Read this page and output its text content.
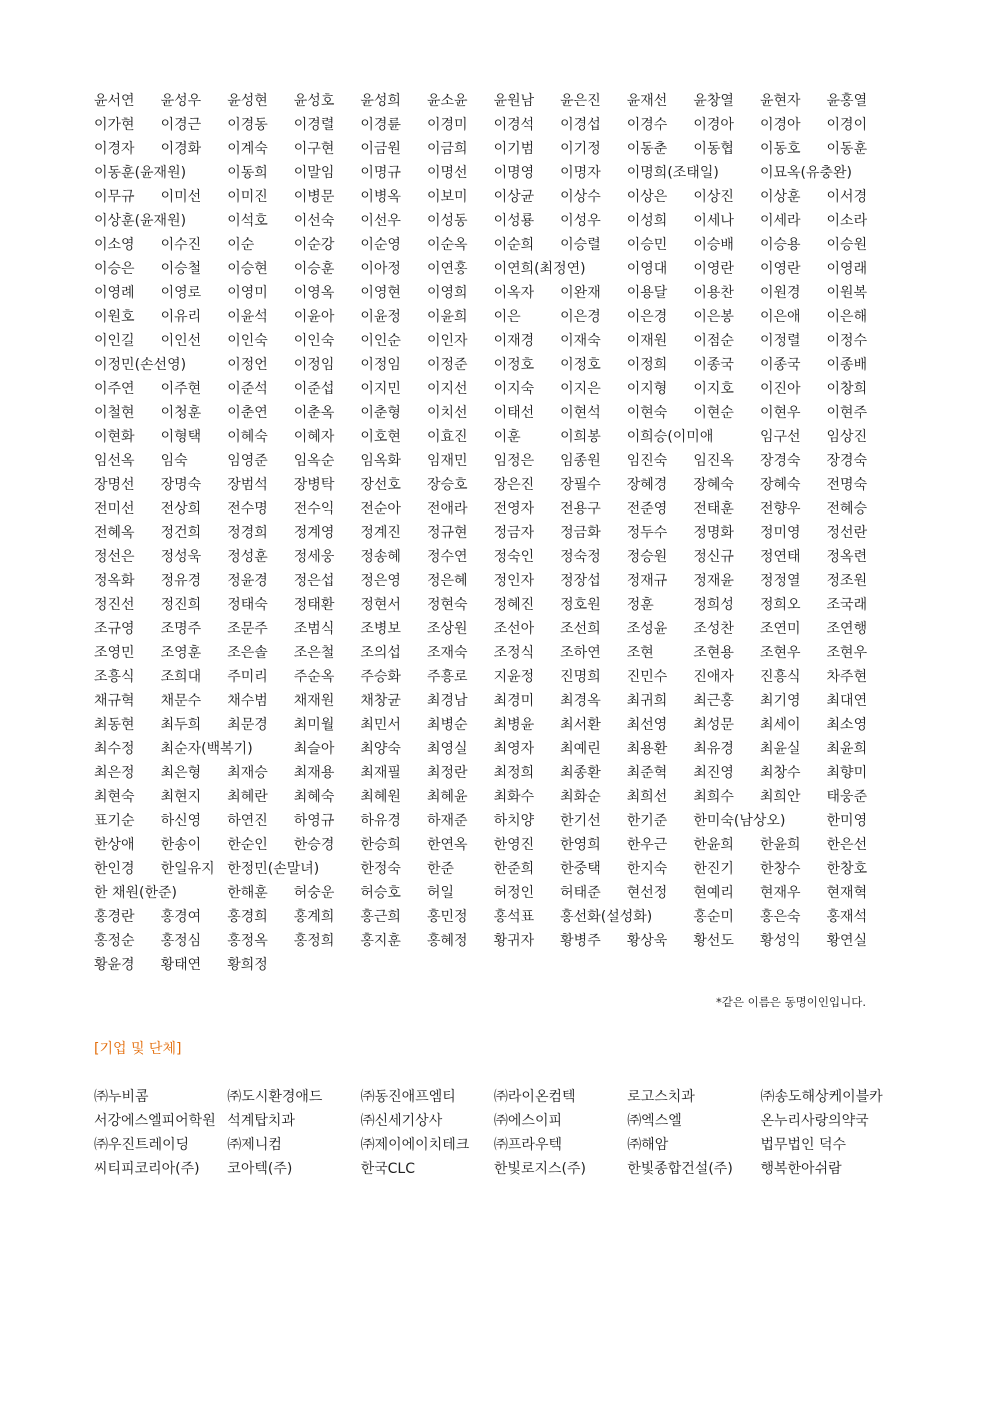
윤서연	윤성우	윤성현	윤성호	윤성희	윤소윤	윤원남	윤은진	윤재선	윤창열	윤현자	윤홍열
이가현	이경근	이경동	이경렬	이경륜	이경미	이경석	이경섭	이경수	이경아	이경아	이경이
이경자	이경화	이계숙	이구현	이금원	이금희	이기범	이기정	이동춘	이동협	이동호	이동훈
이동훈(윤재원)	이동희	이말임	이명규	이명선	이명영	이명자	이명희(조태일)	이묘옥(유충완)
이무규	이미선	이미진	이병문	이병옥	이보미	이상균	이상수	이상은	이상진	이상훈	이서경
이상훈(윤재원)	이석호	이선숙	이선우	이성동	이성룡	이성우	이성희	이세나	이세라	이소라
이소영	이수진	이순	이순강	이순영	이순옥	이순희	이승렬	이승민	이승배	이승용	이승원
이승은	이승철	이승현	이승훈	이아정	이연홍	이연희(최정연)	이영대	이영란	이영란	이영래
이영례	이영로	이영미	이영옥	이영현	이영희	이옥자	이완재	이용달	이용찬	이원경	이원복
이원호	이유리	이윤석	이윤아	이윤정	이윤희	이은	이은경	이은경	이은봉	이은애	이은해
이인길	이인선	이인숙	이인숙	이인순	이인자	이재경	이재숙	이재원	이점순	이정렬	이정수
이정민(손선영)	이정언	이정임	이정임	이정준	이정호	이정호	이정희	이종국	이종국	이종배
이주연	이주현	이준석	이준섭	이지민	이지선	이지숙	이지은	이지형	이지호	이진아	이창희
이철현	이청훈	이춘연	이춘옥	이춘형	이치선	이태선	이현석	이현숙	이현순	이현우	이현주
이현화	이형택	이혜숙	이혜자	이호현	이효진	이훈	이희봉	이희승(이미애	임구선	임상진
임선옥	임숙	임영준	임옥순	임옥화	임재민	임정은	임종원	임진숙	임진옥	장경숙	장경숙
장명선	장명숙	장범석	장병탁	장선호	장승호	장은진	장필수	장혜경	장혜숙	장혜숙	전명숙
전미선	전상희	전수명	전수익	전순아	전애라	전영자	전용구	전준영	전태훈	전향우	전혜승
전혜옥	정건희	정경희	정계영	정계진	정규현	정금자	정금화	정두수	정명화	정미영	정선란
정선은	정성욱	정성훈	정세웅	정송혜	정수연	정숙인	정숙정	정승원	정신규	정연태	정옥련
정옥화	정유경	정윤경	정은섭	정은영	정은혜	정인자	정장섭	정재규	정재윤	정정열	정조원
정진선	정진희	정태숙	정태환	정현서	정현숙	정혜진	정호원	정훈	정희성	정희오	조국래
조규영	조명주	조문주	조범식	조병보	조상원	조선아	조선희	조성윤	조성찬	조연미	조연행
조영민	조영훈	조은솔	조은철	조의섭	조재숙	조정식	조하연	조현	조현용	조현우	조현우
조흥식	조희대	주미리	주순옥	주승화	주흥로	지윤정	진명희	진민수	진애자	진흥식	차주현
채규혁	채문수	채수범	채재원	채창균	최경남	최경미	최경옥	최귀희	최근홍	최기영	최대연
최동현	최두희	최문경	최미월	최민서	최병순	최병윤	최서환	최선영	최성문	최세이	최소영
최수정	최순자(백복기)	최슬아	최양숙	최영실	최영자	최예린	최용환	최유경	최윤실	최윤희
최은정	최은형	최재승	최재용	최재필	최정란	최정희	최종환	최준혁	최진영	최창수	최향미
최현숙	최현지	최혜란	최혜숙	최혜원	최혜윤	최화수	최화순	최희선	최희수	최희안	태웅준
표기순	하신영	하연진	하영규	하유경	하재준	하치양	한기선	한기준	한미숙(남상오)	한미영
한상애	한송이	한순인	한승경	한승희	한연옥	한영진	한영희	한우근	한윤희	한윤희	한은선
한인경	한일유지 한정민(손말녀)	한정숙	한준	한준희	한중택	한지숙	한진기	한창수	한창호
한 채원(한준)	한해훈	허숭운	허승호	허일	허정인	허태준	현선정	현예리	현재우	현재혁
홍경란	홍경여	홍경희	홍계희	홍근희	홍민정	홍석표	홍선화(설성화)	홍순미	홍은숙	홍재석
홍정순	홍정심	홍정옥	홍정희	홍지훈	홍혜정	황귀자	황병주	황상욱	황선도	황성익	황연실
황윤경	황태연	황희정
*같은 이름은 동명이인입니다.
[기업 및 단체]
㈜누비콤	㈜도시환경애드	㈜동진애프엠티	㈜라이온컴텍	로고스치과	㈜송도해상케이블카
서강에스엘피어학원 석계탑치과	㈜신세기상사	㈜에스이피	㈜엑스엘	온누리사랑의약국
㈜우진트레이딩	㈜제니컴	㈜제이에이치테크	㈜프라우텍	㈜해암	법무법인 덕수
씨티피코리아(주)	코아텍(주)	한국CLC	한빛로지스(주)	한빛종합건설(주)	행복한아쉬람
